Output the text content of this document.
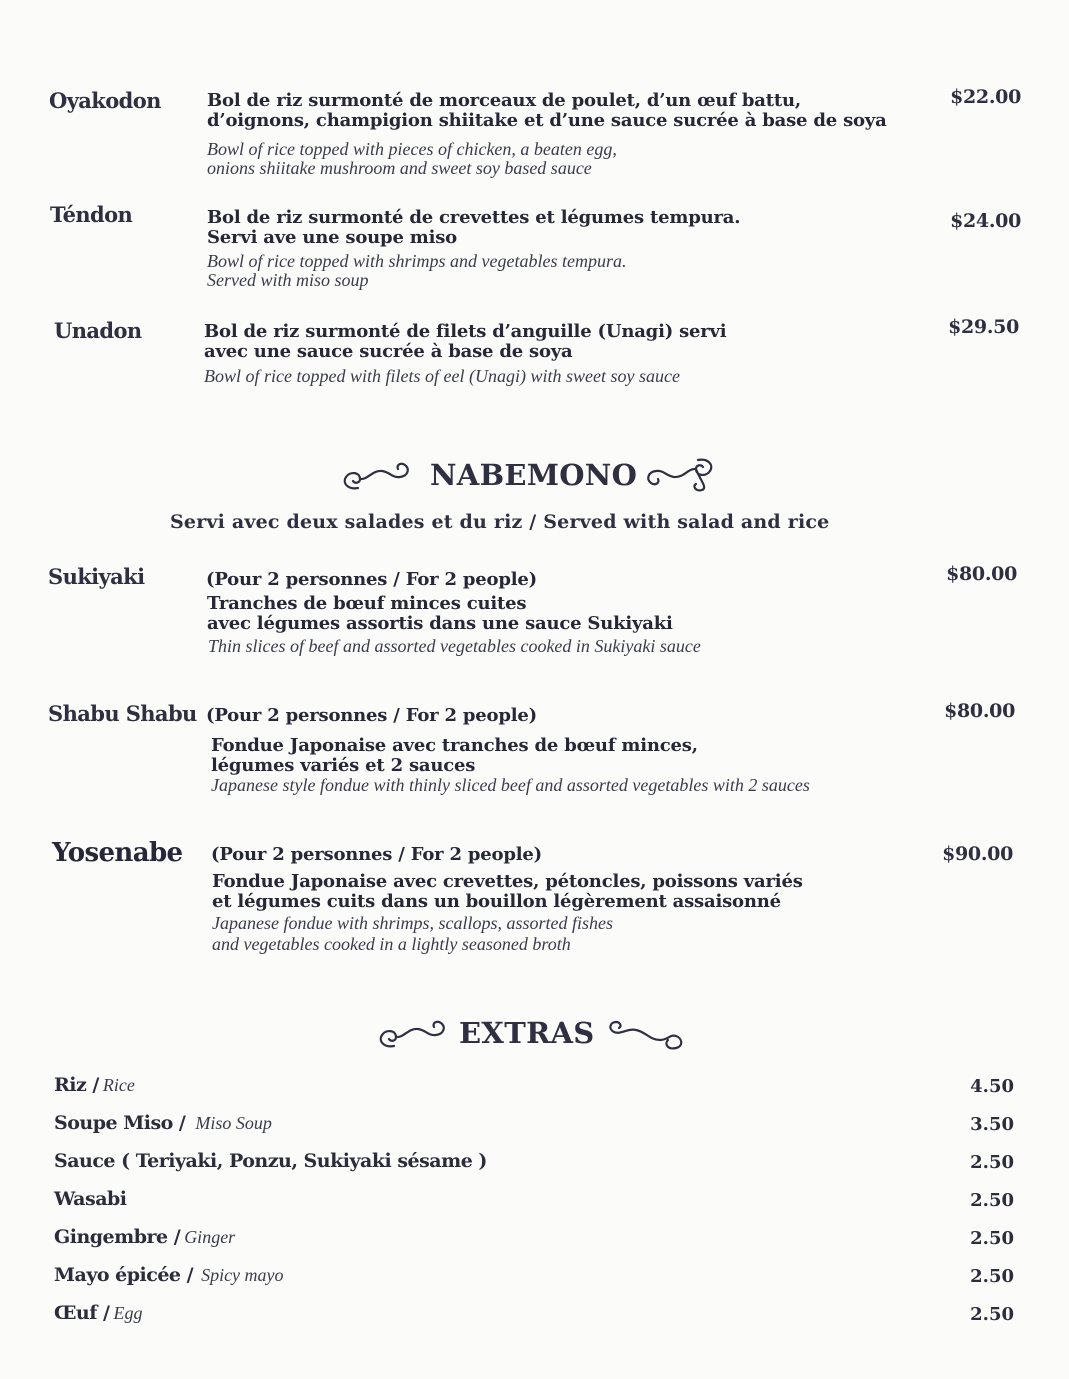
Oyakodon	Bol de riz surmonté de morceaux de poulet, d’un œuf battu,
d’oignons, champigion shiitake et d’une sauce sucrée à base de soya
Bowl of rice topped with pieces of chicken, a beaten egg,
onions shiitake mushroom and sweet soy based sauce
$22.00
Téndon	Bol de riz surmonté de crevettes et légumes tempura.
Servi ave une soupe miso
Bowl of rice topped with shrimps and vegetables tempura.
Served with miso soup
$24.00
Unadon	Bol de riz surmonté de filets d’anguille (Unagi) servi
avec une sauce sucrée à base de soya
Bowl of rice topped with filets of eel (Unagi) with sweet soy sauce
$29.50
NABEMONO
Servi avec deux salades et du riz / Served with salad and rice
Sukiyaki	(Pour 2 personnes / For 2 people)
Tranches de bœuf minces cuites
avec légumes assortis dans une sauce Sukiyaki
Thin slices of beef and assorted vegetables cooked in Sukiyaki sauce
$80.00
Shabu Shabu (Pour 2 personnes / For 2 people)
Fondue Japonaise avec tranches de bœuf minces,
légumes variés et 2 sauces
Japanese style fondue with thinly sliced beef and assorted vegetables with 2 sauces
$80.00
Yosenabe (Pour 2 personnes / For 2 people)
Fondue Japonaise avec crevettes, pétoncles, poissons variés
et légumes cuits dans un bouillon légèrement assaisonné
Japanese fondue with shrimps, scallops, assorted fishes
and vegetables cooked in a lightly seasoned broth
$90.00
EXTRAS
Riz / Rice	4.50
Soupe Miso / Miso Soup	3.50
Sauce ( Teriyaki, Ponzu, Sukiyaki sésame )	2.50
Wasabi	2.50
Gingembre / Ginger	2.50
Mayo épicée / Spicy mayo	2.50
Œuf / Egg	2.50
